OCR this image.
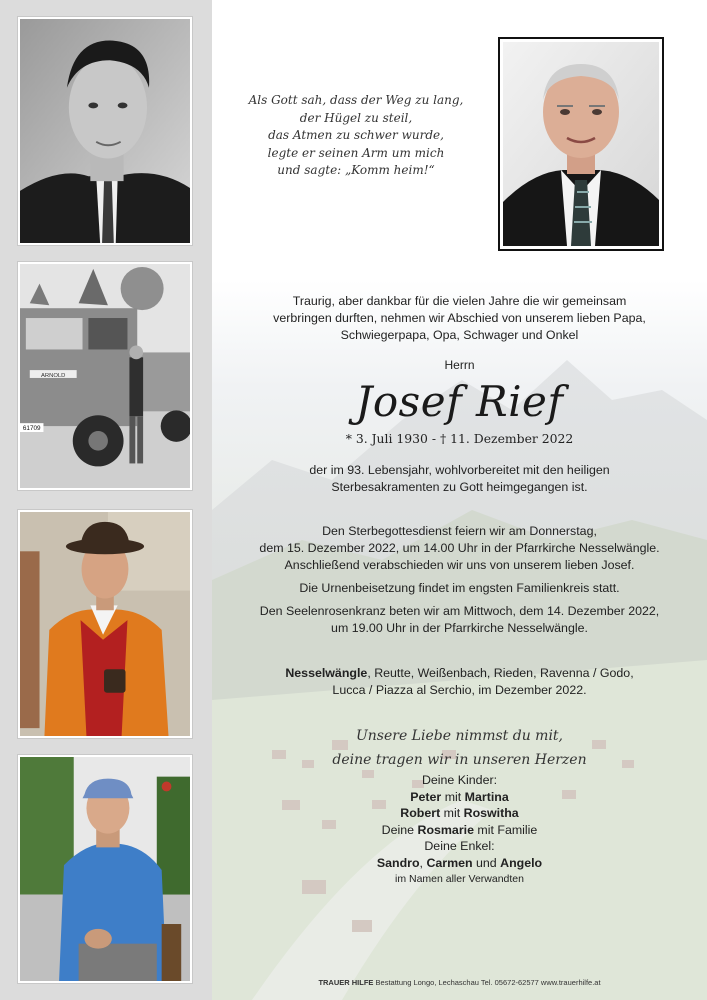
ARNOLD
61709
Als Gott sah, dass der Weg zu lang,
der Hügel zu steil,
das Atmen zu schwer wurde,
legte er seinen Arm um mich
und sagte: „Komm heim!“
Traurig, aber dankbar für die vielen Jahre die wir gemeinsam
verbringen durften, nehmen wir Abschied von unserem lieben Papa,
Schwiegerpapa, Opa, Schwager und Onkel
Herrn
Josef Rief
* 3. Juli 1930 - † 11. Dezember 2022
der im 93. Lebensjahr, wohlvorbereitet mit den heiligen
Sterbesakramenten zu Gott heimgegangen ist.
Den Sterbegottesdienst feiern wir am Donnerstag,
dem 15. Dezember 2022, um 14.00 Uhr in der Pfarrkirche Nesselwängle.
Anschließend verabschieden wir uns von unserem lieben Josef.
Die Urnenbeisetzung findet im engsten Familienkreis statt.
Den Seelenrosenkranz beten wir am Mittwoch, dem 14. Dezember 2022,
um 19.00 Uhr in der Pfarrkirche Nesselwängle.
Nesselwängle, Reutte, Weißenbach, Rieden, Ravenna / Godo,
Lucca / Piazza al Serchio, im Dezember 2022.
Unsere Liebe nimmst du mit,
deine tragen wir in unseren Herzen
Deine Kinder:
Peter mit Martina
Robert mit Roswitha
Deine Rosmarie mit Familie
Deine Enkel:
Sandro, Carmen und Angelo
im Namen aller Verwandten
TRAUER HILFE Bestattung Longo, Lechaschau Tel. 05672-62577 www.trauerhilfe.at
